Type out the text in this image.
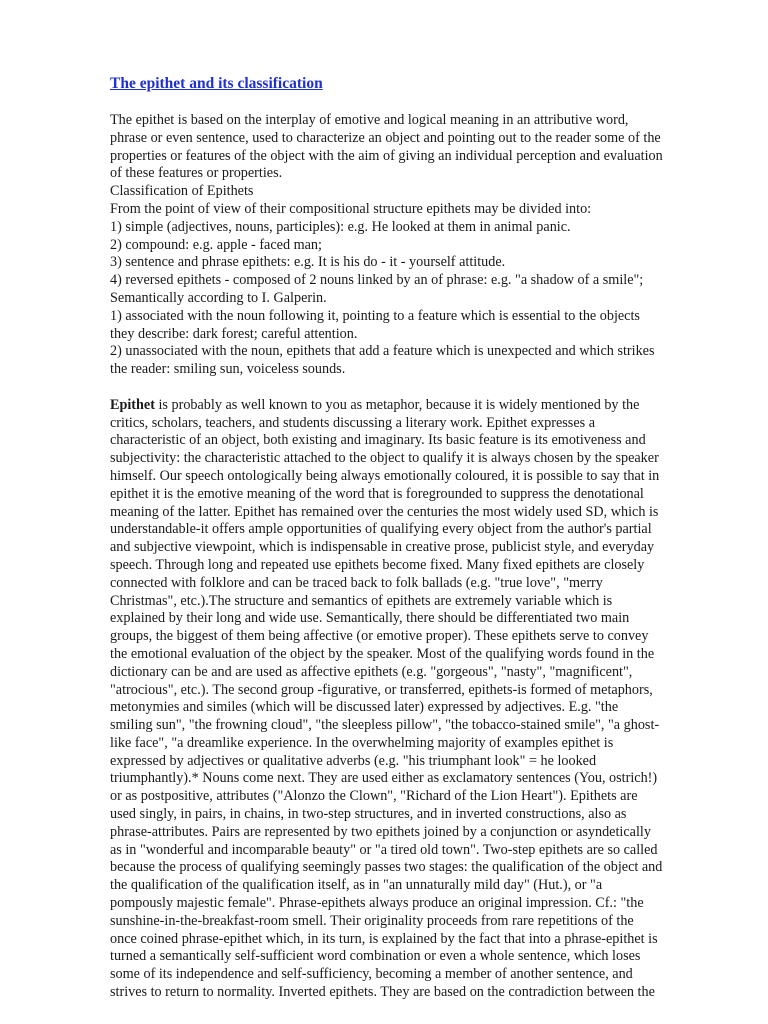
The epithet and its classification
The epithet is based on the interplay of emotive and logical meaning in an attributive word,
phrase or even sentence, used to characterize an object and pointing out to the reader some of the
properties or features of the object with the aim of giving an individual perception and evaluation
of these features or properties.
Classification of Epithets
From the point of view of their compositional structure epithets may be divided into:
1) simple (adjectives, nouns, participles): e.g. He looked at them in animal panic.
2) compound: e.g. apple - faced man;
3) sentence and phrase epithets: e.g. It is his do - it - yourself attitude.
4) reversed epithets - composed of 2 nouns linked by an of phrase: e.g. "a shadow of a smile";
Semantically according to I. Galperin.
1) associated with the noun following it, pointing to a feature which is essential to the objects
they describe: dark forest; careful attention.
2) unassociated with the noun, epithets that add a feature which is unexpected and which strikes
the reader: smiling sun, voiceless sounds.
Epithet is probably as well known to you as metaphor, because it is widely mentioned by the
critics, scholars, teachers, and students discussing a literary work. Epithet expresses a
characteristic of an object, both existing and imaginary. Its basic feature is its emotiveness and
subjectivity: the characteristic attached to the object to qualify it is always chosen by the speaker
himself. Our speech ontologically being always emotionally coloured, it is possible to say that in
epithet it is the emotive meaning of the word that is foregrounded to suppress the denotational
meaning of the latter. Epithet has remained over the centuries the most widely used SD, which is
understandable-it offers ample opportunities of qualifying every object from the author's partial
and subjective viewpoint, which is indispensable in creative prose, publicist style, and everyday
speech. Through long and repeated use epithets become fixed. Many fixed epithets are closely
connected with folklore and can be traced back to folk ballads (e.g. "true love", "merry
Christmas", etc.).The structure and semantics of epithets are extremely variable which is
explained by their long and wide use. Semantically, there should be differentiated two main
groups, the biggest of them being affective (or emotive proper). These epithets serve to convey
the emotional evaluation of the object by the speaker. Most of the qualifying words found in the
dictionary can be and are used as affective epithets (e.g. "gorgeous", "nasty", "magnificent",
"atrocious", etc.). The second group -figurative, or transferred, epithets-is formed of metaphors,
metonymies and similes (which will be discussed later) expressed by adjectives. E.g. "the
smiling sun", "the frowning cloud", "the sleepless pillow", "the tobacco-stained smile", "a ghost-
like face", "a dreamlike experience. In the overwhelming majority of examples epithet is
expressed by adjectives or qualitative adverbs (e.g. "his triumphant look" = he looked
triumphantly).* Nouns come next. They are used either as exclamatory sentences (You, ostrich!)
or as postpositive, attributes ("Alonzo the Clown", "Richard of the Lion Heart"). Epithets are
used singly, in pairs, in chains, in two-step structures, and in inverted constructions, also as
phrase-attributes. Pairs are represented by two epithets joined by a conjunction or asyndetically
as in "wonderful and incomparable beauty" or "a tired old town". Two-step epithets are so called
because the process of qualifying seemingly passes two stages: the qualification of the object and
the qualification of the qualification itself, as in "an unnaturally mild day" (Hut.), or "a
pompously majestic female". Phrase-epithets always produce an original impression. Cf.: "the
sunshine-in-the-breakfast-room smell. Their originality proceeds from rare repetitions of the
once coined phrase-epithet which, in its turn, is explained by the fact that into a phrase-epithet is
turned a semantically self-sufficient word combination or even a whole sentence, which loses
some of its independence and self-sufficiency, becoming a member of another sentence, and
strives to return to normality. Inverted epithets. They are based on the contradiction between the
